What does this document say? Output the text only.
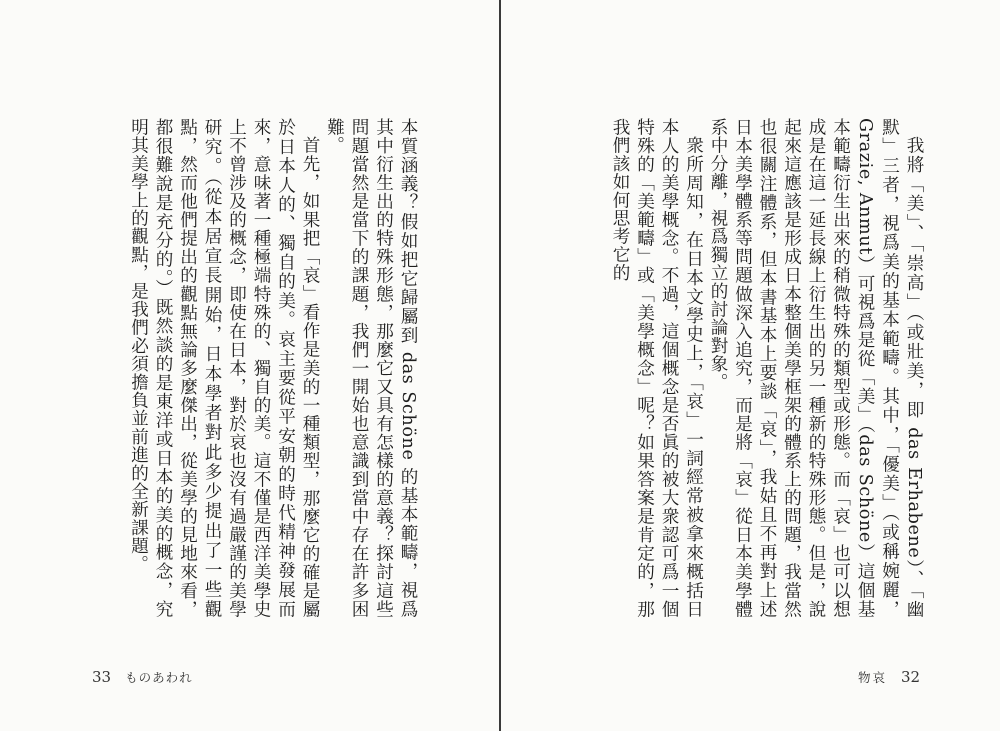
本質涵義？假如把它歸屬到 das Schöne 的基本範疇，視爲其中衍生出的特殊形態，那麼它又具有怎樣的意義？探討這些問題當然是當下的課題，我們一開始也意識到當中存在許多困難。

首先，如果把「哀」看作是美的一種類型，那麼它的確是屬於日本人的、獨自的美。哀主要從平安朝的時代精神發展而來，意味著一種極端特殊的、獨自的美。這不僅是西洋美學史上不曾涉及的概念，即使在日本，對於哀也沒有過嚴謹的美學研究。（從本居宣長開始，日本學者對此多少提出了一些觀點，然而他們提出的觀點無論多麼傑出，從美學的見地來看，都很難說是充分的。）既然談的是東洋或日本的美的概念，究明其美學上的觀點，是我們必須擔負並前進的全新課題。

33 ものあわれ

我將「美」、「崇高」（或壯美，即 das Erhabene）、「幽默」三者，視爲美的基本範疇。其中，「優美」（或稱婉麗，Grazie, Anmut）可視爲是從「美」（das Schöne）這個基本範疇衍生出來的稍微特殊的類型或形態。而「哀」也可以想成是在這一延長線上衍生出的另一種新的特殊形態。但是，說起來這應該是形成日本整個美學框架的體系上的問題，我當然也很關注體系，但本書基本上要談「哀」，我姑且不再對上述日本美學體系等問題做深入追究，而是將「哀」從日本美學體系中分離，視爲獨立的討論對象。

衆所周知，在日本文學史上，「哀」一詞經常被拿來概括日本人的美學概念。不過，這個概念是否眞的被大衆認可爲一個特殊的「美範疇」或「美學概念」呢？如果答案是肯定的，那我們該如何思考它的

物哀 32
